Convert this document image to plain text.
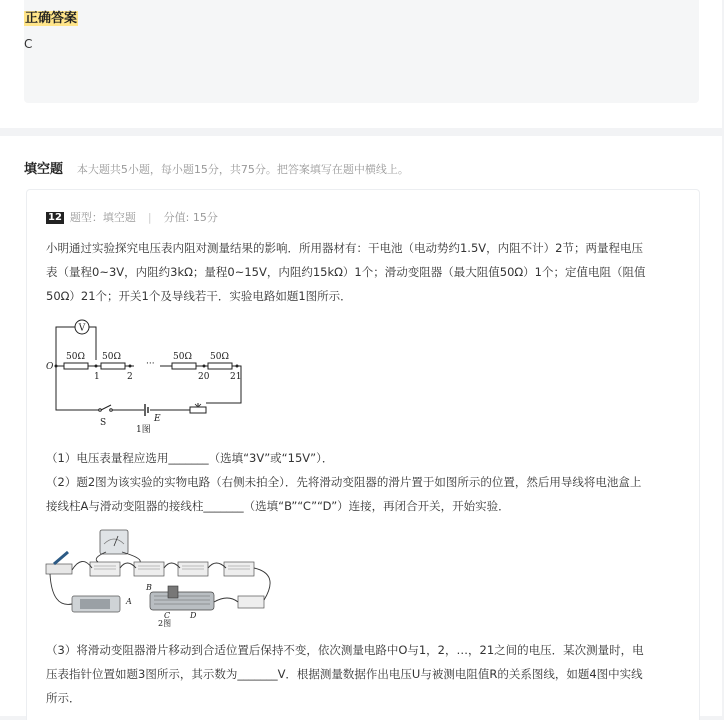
正确答案
C
填空题 本大题共5小题，每小题15分，共75分。把答案填写在题中横线上。
12 题型：填空题 | 分值: 15分
小明通过实验探究电压表内阻对测量结果的影响．所用器材有：干电池（电动势约1.5V，内阻不计）2节；两量程电压
表（量程0~3V，内阻约3kΩ；量程0~15V，内阻约15kΩ）1个；滑动变阻器（最大阻值50Ω）1个；定值电阻（阻值
50Ω）21个；开关1个及导线若干．实验电路如题1图所示．
V
50Ω 50Ω	50Ω 50Ω
O
1	2	20 21
···
S	E
1图
（1）电压表量程应选用_______（选填“3V”或“15V”）．
（2）题2图为该实验的实物电路（右侧未拍全）．先将滑动变阻器的滑片置于如图所示的位置，然后用导线将电池盒上
接线柱A与滑动变阻器的接线柱_______（选填“B”“C”“D”）连接，再闭合开关，开始实验．
A
B
C D
2图
（3）将滑动变阻器滑片移动到合适位置后保持不变，依次测量电路中O与1，2，…，21之间的电压．某次测量时，电
压表指针位置如题3图所示，其示数为_______V．根据测量数据作出电压U与被测电阻值R的关系图线，如题4图中实线
所示．
